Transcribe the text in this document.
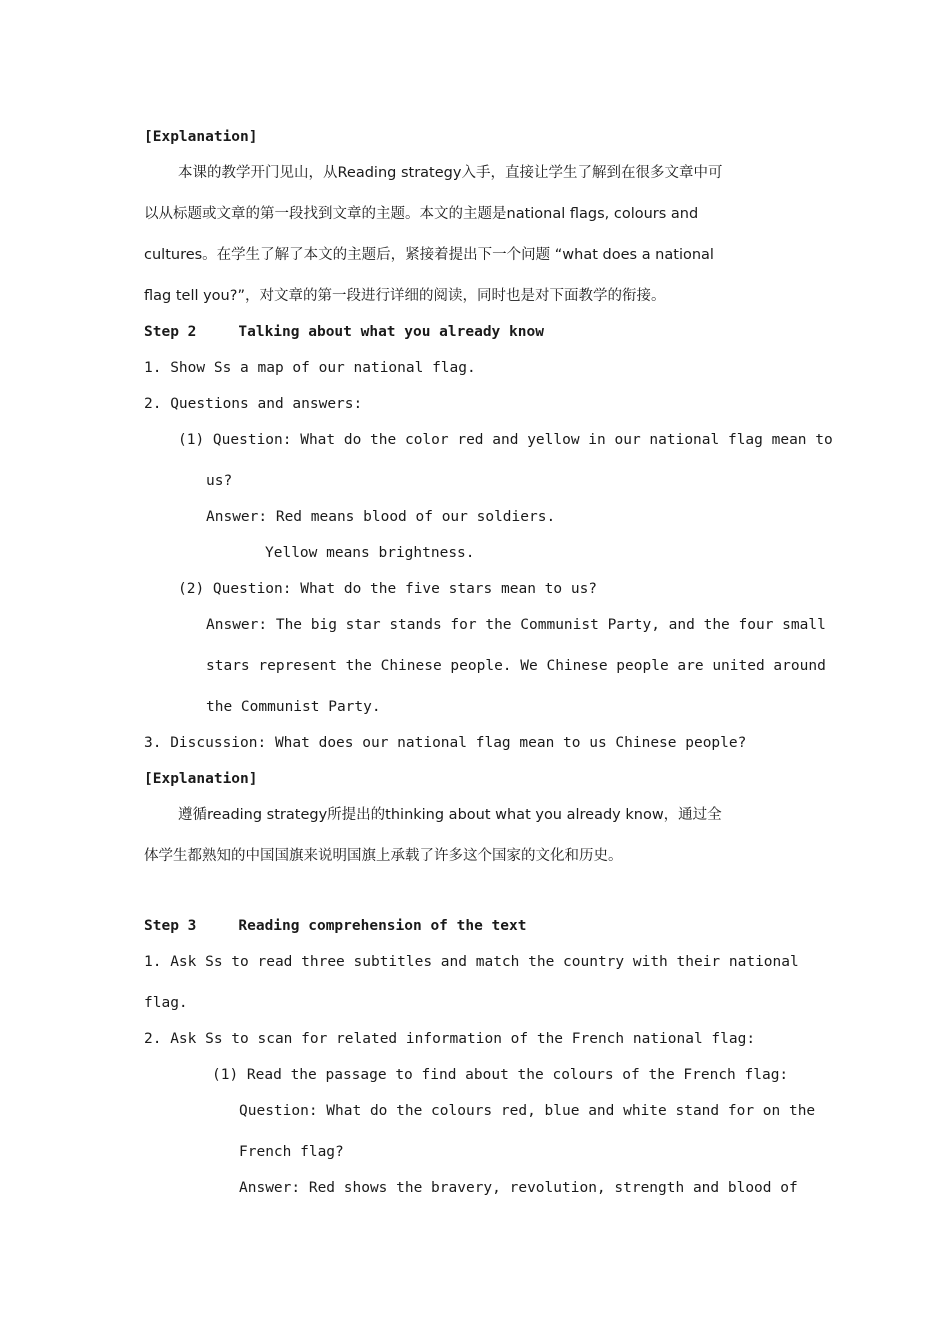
[Explanation]
本课的教学开门见山，从Reading strategy入手，直接让学生了解到在很多文章中可
以从标题或文章的第一段找到文章的主题。本文的主题是national flags, colours and
cultures。在学生了解了本文的主题后，紧接着提出下一个问题 “what does a national
flag tell you?”，对文章的第一段进行详细的阅读，同时也是对下面教学的衔接。
Step 2	Talking about what you already know
1. Show Ss a map of our national flag.
2. Questions and answers:
(1) Question: What do the color red and yellow in our national flag mean to
us?
Answer: Red means blood of our soldiers.
Yellow means brightness.
(2) Question: What do the five stars mean to us?
Answer: The big star stands for the Communist Party, and the four small
stars represent the Chinese people. We Chinese people are united around
the Communist Party.
3. Discussion: What does our national flag mean to us Chinese people?
[Explanation]
遵循reading strategy所提出的thinking about what you already know，通过全
体学生都熟知的中国国旗来说明国旗上承载了许多这个国家的文化和历史。
Step 3	Reading comprehension of the text
1. Ask Ss to read three subtitles and match the country with their national
flag.
2. Ask Ss to scan for related information of the French national flag:
(1) Read the passage to find about the colours of the French flag:
Question: What do the colours red, blue and white stand for on the
French flag?
Answer: Red shows the bravery, revolution, strength and blood of
